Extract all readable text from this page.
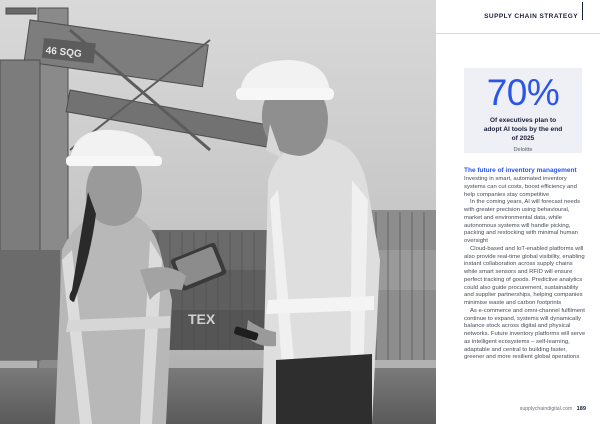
46 SQG
TEX
SUPPLY CHAIN STRATEGY
70%
Of executives plan to adopt AI tools by the end of 2025
Deloitte
The future of inventory management

Investing in smart, automated inventory systems can cut costs, boost efficiency and help companies stay competitive

In the coming years, AI will forecast needs with greater precision using behavioural, market and environmental data, while autonomous systems will handle picking, packing and restocking with minimal human oversight

Cloud-based and IoT-enabled platforms will also provide real-time global visibility, enabling instant collaboration across supply chains while smart sensors and RFID will ensure perfect tracking of goods. Predictive analytics could also guide procurement, sustainability and supplier partnerships, helping companies minimise waste and carbon footprints

As e-commerce and omni-channel fulfilment continue to expand, systems will dynamically balance stock across digital and physical networks. Future inventory platforms will serve as intelligent ecosystems – self-learning, adaptable and central to building faster, greener and more resilient global operations

supplychaindigital.com 189
